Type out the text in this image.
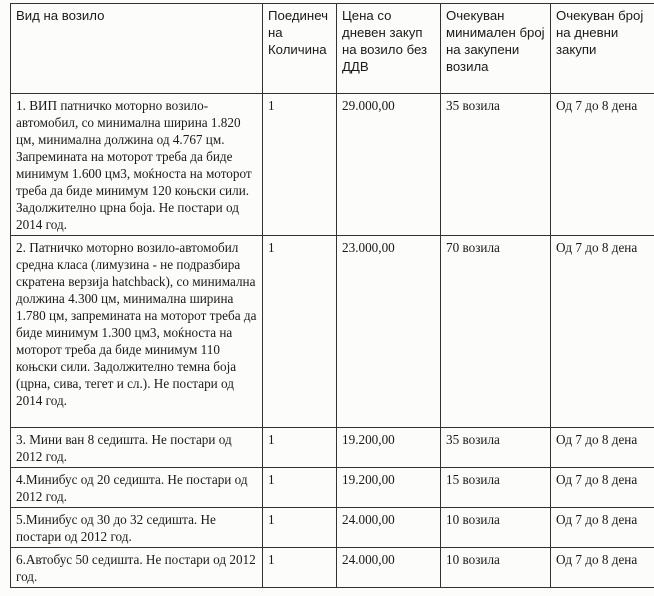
Вид на возило	Поединеч на Количина	Цена со дневен закуп на возило без ДДВ	Очекуван минимален број на закупени возила	Очекуван број на дневни закупи
1. ВИП патничко моторно возило-автомобил, со минимална ширина 1.820 цм, минимална должина од 4.767 цм. Запремината на моторот треба да биде минимум 1.600 цм3, моќноста на моторот треба да биде минимум 120 коњски сили. Задолжително црна боја. Не постари од 2014 год.	1	29.000,00	35 возила	Од 7 до 8 дена
2. Патничко моторно возило-автомобил средна класа (лимузина - не подразбира скратена верзија hatchback), со минимална должина 4.300 цм, минимална ширина 1.780 цм, запремината на моторот треба да биде минимум 1.300 цм3, моќноста на моторот треба да биде минимум 110 коњски сили. Задолжително темна боја (црна, сива, тегет и сл.). Не постари од 2014 год.	1	23.000,00	70 возила	Од 7 до 8 дена
3. Мини ван 8 седишта. Не постари од 2012 год.	1	19.200,00	35 возила	Од 7 до 8 дена
4.Минибус од 20 седишта. Не постари од 2012 год.	1	19.200,00	15 возила	Од 7 до 8 дена
5.Минибус од 30 до 32 седишта. Не постари од 2012 год.	1	24.000,00	10 возила	Од 7 до 8 дена
6.Автобус 50 седишта. Не постари од 2012 год.	1	24.000,00	10 возила	Од 7 до 8 дена
